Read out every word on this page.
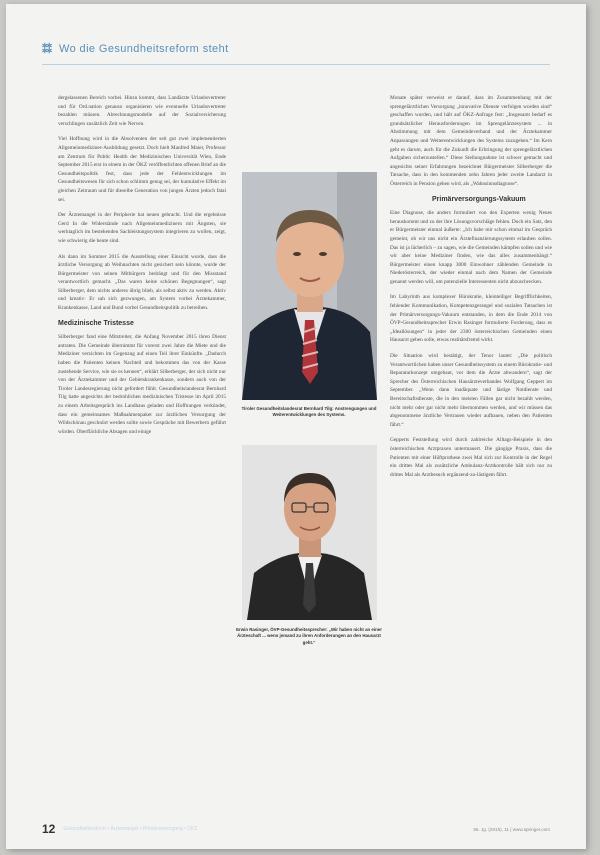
⁑⁑ Wo die Gesundheitsreform steht

dergelassenen Bereich vorbei. Hinzu kommt, dass Landärzte Urlaubsvertreter und für Ord.nation genauso organisieren wie eventuelle Urlaubsvertreter bezahlen müssen. Abrechnungsmodelle auf der Sozialversicherung verschlingen zusätzlich Zeit wie Nerven.

Viel Hoffnung wird in die Absolventen der seit gut zwei implementierten Allgemeinmediziner-Ausbildung gesetzt. Doch hielt Manfred Maier, Professor am Zentrum für Public Health der Medizinischen Universität Wien, Ende September 2015 erst in einem in der ÖKZ veröffentlichten offenen Brief an die Gesundheitspolitik fest, dass jede der Fehlentwicklungen im Gesundheitswesen für sich schon schlimm genug sei, der kumulative Effekt im gleichen Zeitraum und für dieselbe Generation von jungen Ärzten jedoch fatal sei.

Der Ärztemangel in der Peripherie hat neuen gebracht. Und die ergebnisse Gerd In die Widerstände nach Allgemeinmedizinern mit Ängsten, sie werktaglich im bestehenden Sachleistungssystem integrieren zu wollen, zeigt, wie schwierig die heute sind.

Als dann im Sommer 2015 die Ausstellung einer Einsicht wurde, dass die ärztliche Versorgung ab Weihnachten nicht gesichert sein könnte, wurde der Bürgermeister von seinen Mitbürgern bedrängt und für den Missstand verantwortlich gemacht. „Das waren keine schönen Begegnungen“, sagt Silberberger, dem nichts anderes übrig blieb, als selbst aktiv zu werden. Aktiv und kreativ: Er sah sich gezwungen, am System vorbei Ärztekammer, Krankenkasse, Land und Bund vorbei Gesundheitspolitik zu betreiben.

Medizinische Tristesse

Silberberger fand eine Mitstreiter, die Anfang November 2015 ihren Dienst antraten. Die Gemeinde übernimmt für vorerst zwei Jahre die Miete und die Mediziner verzichten im Gegenzug auf einen Teil ihrer Einkünfte. „Dadurch haben die Patienten keinen Nachteil und bekommen das von der Kasse zustehende Service, wie sie es kennen“, erklärt Silberberger, der sich nicht nur von der Ärztekammer und der Gebietskrankenkasse, sondern auch von der Tiroler Landesregierung nicht gefordert fühlt. Gesundheitslandesrat Bernhard Tilg hatte angesichts der bedrohlichen medizinischen Tristesse im April 2015 zu einem Arbeitsgespräch ins Landhaus geladen und Hoffnungen verkündet, dass ein gemeinsames Maßnahmenpaket zur ärztlichen Versorgung der Wildschönau geschnürt werden sollte sowie Gespräche mit Bewerbern geführt würden. Oberflächliche Absagen und einige

Tiroler Gesundheitslandesrat Bernhard Tilg: Anstrengungen und Weiterentwicklungen des Systems.
Erwin Rasinger, ÖVP-Gesundheitssprecher: „Wir haben nicht an einer Ärzteschaft ... wenn jemand zu ihren Anforderungen an den Hausarzt geht.“

Monate später verweist er darauf, dass im Zusammenhang mit der sprengelärztlichen Versorgung „innovative Dienste verfolgen worden sind“ geschaffen wurden, und hält auf ÖKZ-Anfrage fest: „Insgesamt bedarf es grundsätzlicher Herausforderungen im Sprengelärztesystem ... in Abstimmung mit dem Gemeindeverband und der Ärztekammer Anpassungen und Weiterentwicklungen des Systems zuzugehen.“ Im Kern geht es darum, auch für die Zukunft die Erbringung der sprengelärztlichen Aufgaben sicherzustellen.“ Diese Stellungnahme ist schwer gemacht und angesichts seiner Erfahrungen bezeichnet Bürgermeister Silberberger die Tatsache, dass in den kommenden zehn Jahren jeder zweite Landarzt in Österreich in Pension gehen wird, als „Wahnsinnsdiagnose“.

Primärversorgungs-Vakuum

Eine Diagnose, die anders formuliert von den Experten wenig Neues herauskommt und zu der ihre Lösungsvorschläge fehlen. Doch ein Satz, den er Bürgermeister einmal äußerte: „Ich habe mir schon einmal im Gespräch gemeint, ob wir uns nicht ein Ärztefinanzierungssystem erlauben sollen. Das ist ja lächerlich – zu sagen, wie die Gemeinden kämpfen sollen und wie wir aber keine Mediziner finden, wie das alles zusammenhängt.“ Bürgermeister einen knapp 3000 Einwohner zählenden Gemeinde in Niederösterreich, der wieder einmal nach dem Namen der Gemeinde genannt werden will, um potenzielle Interessenten nicht abzuschrecken.

Im Labyrinth aus komplexer Bürokratie, kleinteiliger Begrifflichkeiten, fehlender Kommunikation, Kompetenzgerangel und sozialen Tatsachen ist der Primärversorgungs-Vakuum entstanden, in dem die Ende 2014 von ÖVP-Gesundheitssprecher Erwin Rasinger formulierte Forderung, dass es „Ideallösungen“ in jeder der 2300 österreichischen Gemeinden einen Hausarzt geben solle, etwas realitätsfremd wirkt.

Die Situation wird bestätigt, der Tenor lautet: „Die politisch Verantwortlichen haben unser Gesundheitssystem zu einem Bürokratie- und Reparaturkonzept umgebaut, vor dem die Ärzte abwandern“, sagt der Sprecher des Österreichischen Hausärzteverbandes Wolfgang Geppert im September. „Wenn dann inadäquate und lästige Notdienste und Bereitschaftsdienste, die in den meisten Fällen gar nicht bezahlt werden, nicht mehr oder gar nicht mehr übernommen werden, und wir müssen das abgenommene ärztliche Vertrauen wieder aufbauen, neben den Patienten fährt.“

Gepperts Feststellung wird durch zahlreiche Alltags-Beispiele in den österreichischen Arztpraxen untermauert. Die gängige Praxis, dass die Patienten mit einer Hüftprothese zwei Mal sich zur Kontrolle in der Regel ein drittes Mal als zusätzliche Ambulanz-Arztkontrolle hält sich nur zu drittes Mal als Arztbesuch ergänzend-zu-lästigem fährt.

12 Gesundheitsreform • Ärztemangel • Primärversorgung • ÖKZ	56. Jg. (2015), 11 | www.springer.com
